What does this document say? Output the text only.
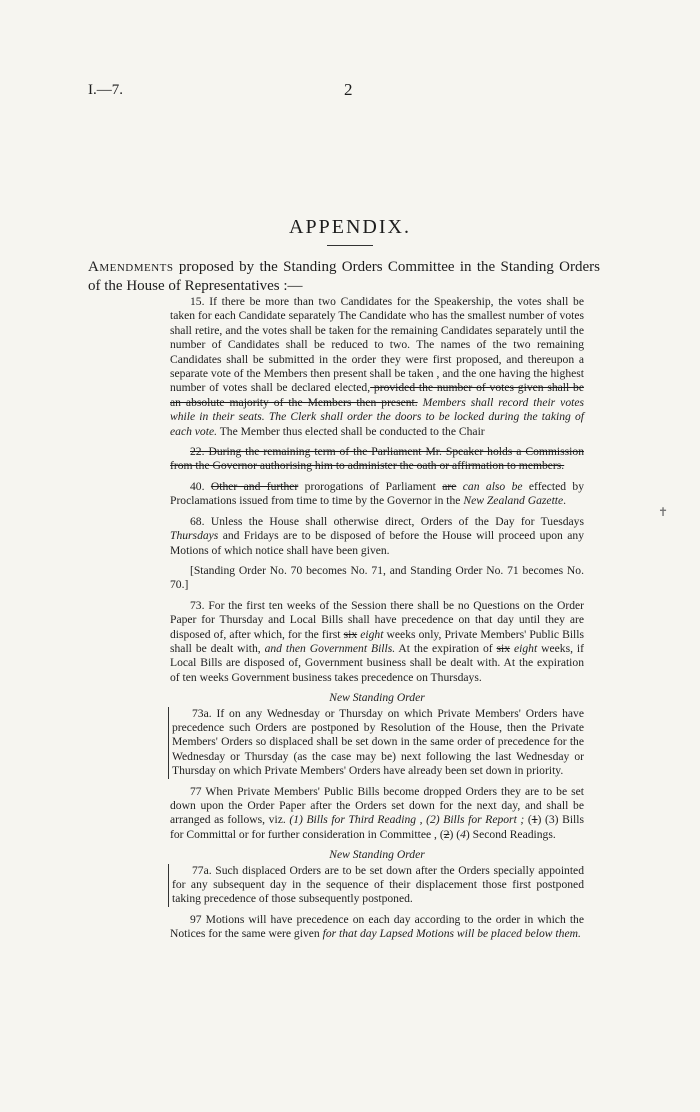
I.—7.	2
APPENDIX.
Amendments proposed by the Standing Orders Committee in the Standing Orders of the House of Representatives :—

15. If there be more than two Candidates for the Speakership, the votes shall be taken for each Candidate separately The Candidate who has the smallest number of votes shall retire, and the votes shall be taken for the remaining Candidates separately until the number of Candidates shall be reduced to two. The names of the two remaining Candidates shall be submitted in the order they were first proposed, and thereupon a separate vote of the Members then present shall be taken , and the one having the highest number of votes shall be declared elected, provided the number of votes given shall be an absolute majority of the Members then present. Members shall record their votes while in their seats. The Clerk shall order the doors to be locked during the taking of each vote. The Member thus elected shall be conducted to the Chair

22. During the remaining term of the Parliament Mr. Speaker holds a Commission from the Governor authorising him to administer the oath or affirmation to members.

40. Other and further prorogations of Parliament are can also be effected by Proclamations issued from time to time by the Governor in the New Zealand Gazette.

68. Unless the House shall otherwise direct, Orders of the Day for Tuesdays Thursdays and Fridays are to be disposed of before the House will proceed upon any Motions of which notice shall have been given.

[Standing Order No. 70 becomes No. 71, and Standing Order No. 71 becomes No. 70.]

73. For the first ten weeks of the Session there shall be no Questions on the Order Paper for Thursday and Local Bills shall have precedence on that day until they are disposed of, after which, for the first six eight weeks only, Private Members' Public Bills shall be dealt with, and then Government Bills. At the expiration of six eight weeks, if Local Bills are disposed of, Government business shall be dealt with. At the expiration of ten weeks Government business takes precedence on Thursdays.

New Standing Order

73a. If on any Wednesday or Thursday on which Private Members' Orders have precedence such Orders are postponed by Resolution of the House, then the Private Members' Orders so displaced shall be set down in the same order of precedence for the Wednesday or Thursday (as the case may be) next following the last Wednesday or Thursday on which Private Members' Orders have already been set down in priority.

77 When Private Members' Public Bills become dropped Orders they are to be set down upon the Order Paper after the Orders set down for the next day, and shall be arranged as follows, viz. (1) Bills for Third Reading , (2) Bills for Report ; (1) (3) Bills for Committal or for further consideration in Committee , (2) (4) Second Readings.

New Standing Order

77a. Such displaced Orders are to be set down after the Orders specially appointed for any subsequent day in the sequence of their displacement those first postponed taking precedence of those subsequently postponed.

97 Motions will have precedence on each day according to the order in which the Notices for the same were given for that day Lapsed Motions will be placed below them.

✝
